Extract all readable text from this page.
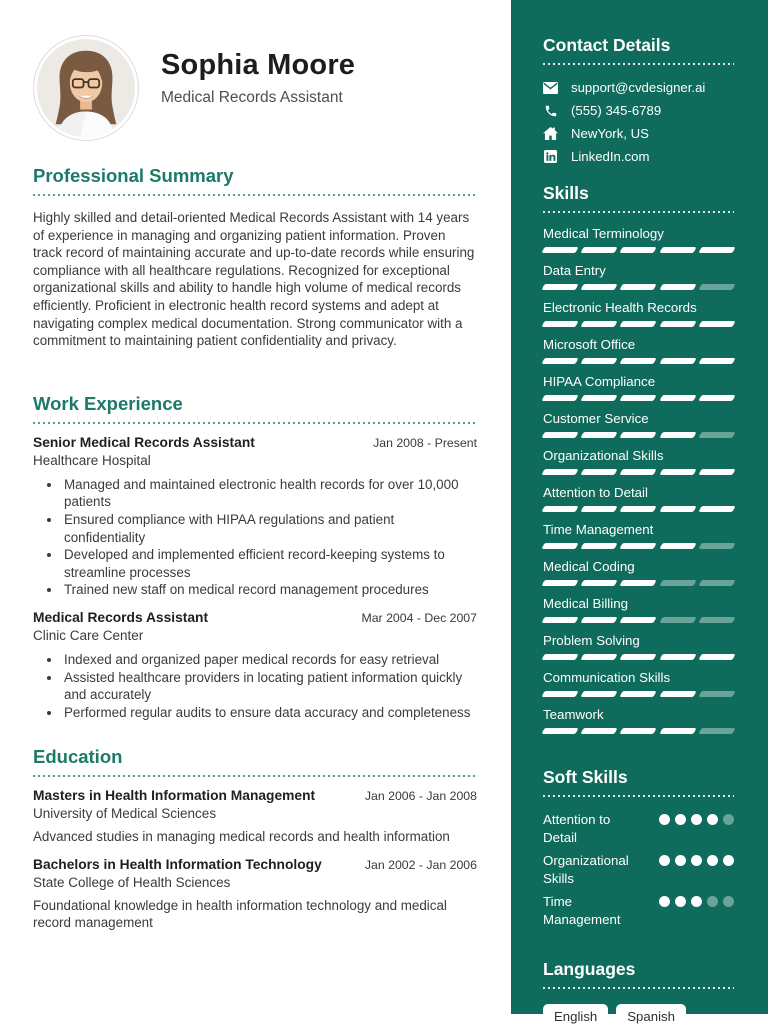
Sophia Moore
Medical Records Assistant
Professional Summary

Highly skilled and detail-oriented Medical Records Assistant with 14 years of experience in managing and organizing patient information. Proven track record of maintaining accurate and up-to-date records while ensuring compliance with all healthcare regulations. Recognized for exceptional organizational skills and ability to handle high volume of medical records efficiently. Proficient in electronic health record systems and adept at navigating complex medical documentation. Strong communicator with a commitment to maintaining patient confidentiality and privacy.

Work Experience
Senior Medical Records Assistant	Jan 2008 - Present
Healthcare Hospital
• Managed and maintained electronic health records for over 10,000 patients
• Ensured compliance with HIPAA regulations and patient confidentiality
• Developed and implemented efficient record-keeping systems to streamline processes
• Trained new staff on medical record management procedures
Medical Records Assistant	Mar 2004 - Dec 2007
Clinic Care Center
• Indexed and organized paper medical records for easy retrieval
• Assisted healthcare providers in locating patient information quickly and accurately
• Performed regular audits to ensure data accuracy and completeness
Education
Masters in Health Information Management	Jan 2006 - Jan 2008
University of Medical Sciences
Advanced studies in managing medical records and health information
Bachelors in Health Information Technology	Jan 2002 - Jan 2006
State College of Health Sciences
Foundational knowledge in health information technology and medical record management
Contact Details
support@cvdesigner.ai
(555) 345-6789
NewYork, US
LinkedIn.com
Skills
Medical Terminology
Data Entry
Electronic Health Records
Microsoft Office
HIPAA Compliance
Customer Service
Organizational Skills
Attention to Detail
Time Management
Medical Coding
Medical Billing
Problem Solving
Communication Skills
Teamwork
Soft Skills
Attention to Detail
Organizational Skills
Time Management
Languages
English	Spanish
